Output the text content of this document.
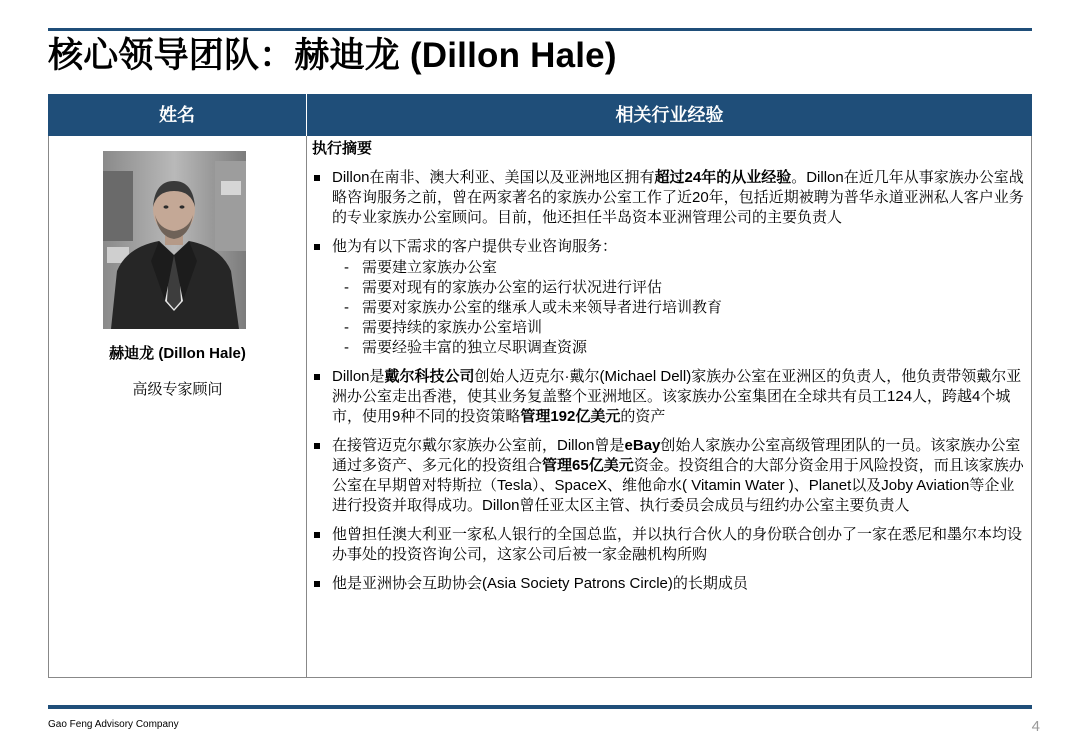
核心领导团队：赫迪龙 (Dillon Hale)
姓名	相关行业经验
赫迪龙 (Dillon Hale)
高级专家顾问
执行摘要
Dillon在南非、澳大利亚、美国以及亚洲地区拥有超过24年的从业经验。Dillon在近几年从事家族办公室战略咨询服务之前，曾在两家著名的家族办公室工作了近20年，包括近期被聘为普华永道亚洲私人客户业务的专业家族办公室顾问。目前，他还担任半岛资本亚洲管理公司的主要负责人
他为有以下需求的客户提供专业咨询服务：
- 需要建立家族办公室
- 需要对现有的家族办公室的运行状况进行评估
- 需要对家族办公室的继承人或未来领导者进行培训教育
- 需要持续的家族办公室培训
- 需要经验丰富的独立尽职调查资源
Dillon是戴尔科技公司创始人迈克尔·戴尔(Michael Dell)家族办公室在亚洲区的负责人，他负责带领戴尔亚洲办公室走出香港，使其业务复盖整个亚洲地区。该家族办公室集团在全球共有员工124人，跨越4个城市，使用9种不同的投资策略管理192亿美元的资产
在接管迈克尔戴尔家族办公室前，Dillon曾是eBay创始人家族办公室高级管理团队的一员。该家族办公室通过多资产、多元化的投资组合管理65亿美元资金。投资组合的大部分资金用于风险投资，而且该家族办公室在早期曾对特斯拉（Tesla）、SpaceX、维他命水( Vitamin Water )、Planet以及Joby Aviation等企业进行投资并取得成功。Dillon曾任亚太区主管、执行委员会成员与纽约办公室主要负责人
他曾担任澳大利亚一家私人银行的全国总监，并以执行合伙人的身份联合创办了一家在悉尼和墨尔本均设办事处的投资咨询公司，这家公司后被一家金融机构所购
他是亚洲协会互助协会(Asia Society Patrons Circle)的长期成员
Gao Feng Advisory Company	4
